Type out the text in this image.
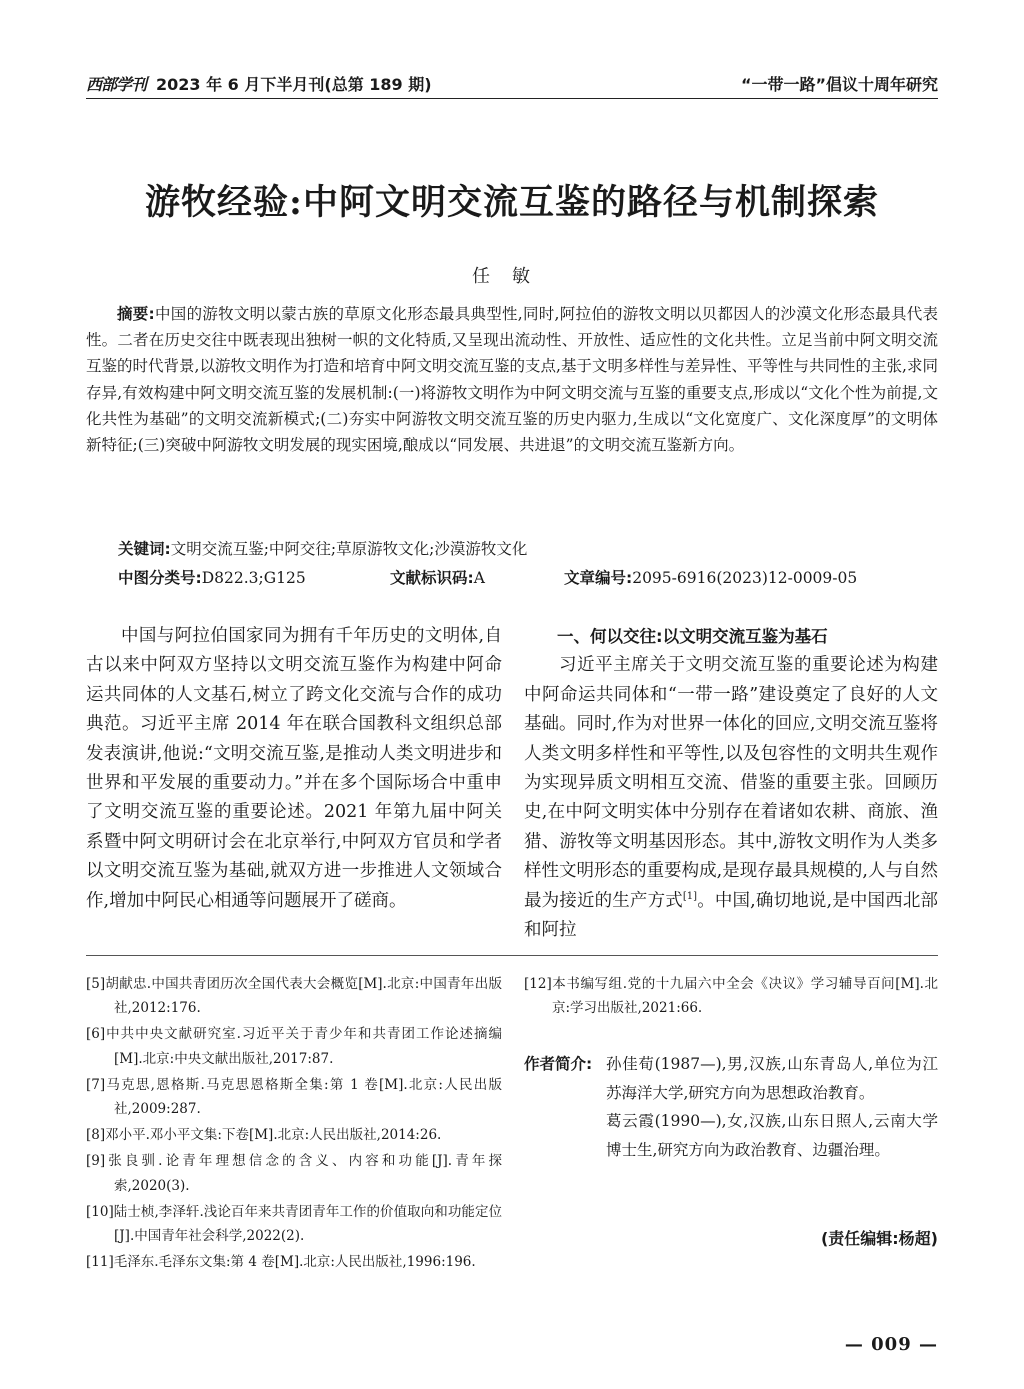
西部学刊 2023 年 6 月下半月刊(总第 189 期)	“一带一路”倡议十周年研究
游牧经验:中阿文明交流互鉴的路径与机制探索
任敏
摘要:中国的游牧文明以蒙古族的草原文化形态最具典型性,同时,阿拉伯的游牧文明以贝都因人的沙漠文化形态最具代表性。二者在历史交往中既表现出独树一帜的文化特质,又呈现出流动性、开放性、适应性的文化共性。立足当前中阿文明交流互鉴的时代背景,以游牧文明作为打造和培育中阿文明交流互鉴的支点,基于文明多样性与差异性、平等性与共同性的主张,求同存异,有效构建中阿文明交流互鉴的发展机制:(一)将游牧文明作为中阿文明交流与互鉴的重要支点,形成以“文化个性为前提,文化共性为基础”的文明交流新模式;(二)夯实中阿游牧文明交流互鉴的历史内驱力,生成以“文化宽度广、文化深度厚”的文明体新特征;(三)突破中阿游牧文明发展的现实困境,酿成以“同发展、共进退”的文明交流互鉴新方向。
关键词:文明交流互鉴;中阿交往;草原游牧文化;沙漠游牧文化
中图分类号:D822.3;G125	文献标识码:A	文章编号:2095-6916(2023)12-0009-05

中国与阿拉伯国家同为拥有千年历史的文明体,自古以来中阿双方坚持以文明交流互鉴作为构建中阿命运共同体的人文基石,树立了跨文化交流与合作的成功典范。习近平主席 2014 年在联合国教科文组织总部发表演讲,他说:“文明交流互鉴,是推动人类文明进步和世界和平发展的重要动力。”并在多个国际场合中重申了文明交流互鉴的重要论述。2021 年第九届中阿关系暨中阿文明研讨会在北京举行,中阿双方官员和学者以文明交流互鉴为基础,就双方进一步推进人文领域合作,增加中阿民心相通等问题展开了磋商。

一、何以交往:以文明交流互鉴为基石

习近平主席关于文明交流互鉴的重要论述为构建中阿命运共同体和“一带一路”建设奠定了良好的人文基础。同时,作为对世界一体化的回应,文明交流互鉴将人类文明多样性和平等性,以及包容性的文明共生观作为实现异质文明相互交流、借鉴的重要主张。回顾历史,在中阿文明实体中分别存在着诸如农耕、商旅、渔猎、游牧等文明基因形态。其中,游牧文明作为人类多样性文明形态的重要构成,是现存最具规模的,人与自然最为接近的生产方式[1]。中国,确切地说,是中国西北部和阿拉

[5]胡献忠.中国共青团历次全国代表大会概览[M].北京:中国青年出版社,2012:176.
[6]中共中央文献研究室.习近平关于青少年和共青团工作论述摘编[M].北京:中央文献出版社,2017:87.
[7]马克思,恩格斯.马克思恩格斯全集:第 1 卷[M].北京:人民出版社,2009:287.
[8]邓小平.邓小平文集:下卷[M].北京:人民出版社,2014:26.
[9]张良驯.论青年理想信念的含义、内容和功能[J].青年探索,2020(3).
[10]陆士桢,李泽轩.浅论百年来共青团青年工作的价值取向和功能定位[J].中国青年社会科学,2022(2).
[11]毛泽东.毛泽东文集:第 4 卷[M].北京:人民出版社,1996:196.
[12]本书编写组.党的十九届六中全会《决议》学习辅导百问[M].北京:学习出版社,2021:66.
作者简介: 孙佳荀(1987—),男,汉族,山东青岛人,单位为江苏海洋大学,研究方向为思想政治教育。
葛云霞(1990—),女,汉族,山东日照人,云南大学博士生,研究方向为政治教育、边疆治理。
(责任编辑:杨超)
— 009 —
